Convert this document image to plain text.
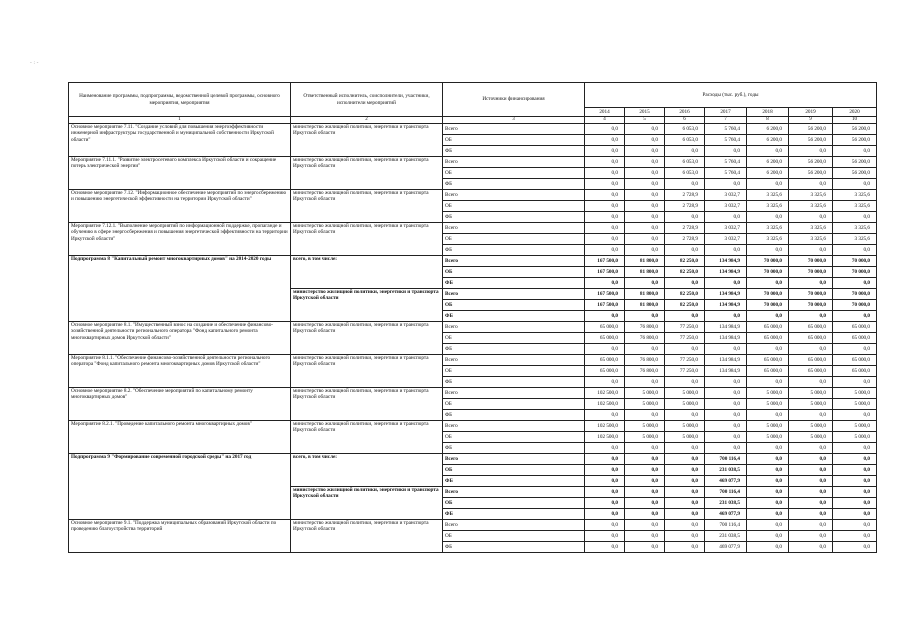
- : -
Наименование программы, подпрограммы, ведомственной целевой программы, основного мероприятия, мероприятия	Ответственный исполнитель, соисполнители, участники, исполнители мероприятий	Источники финансирования	Расходы (тыс. руб.), годы						
			2014	2015	2016	2017	2018	2019	2020
1	2	3	4	5	6	7	8	9	10
Основное мероприятие 7.11. "Создание условий для повышения энергоэффективности инженерной инфраструктуры государственной и муниципальной собственности Иркутской области"	министерство жилищной политики, энергетики и транспорта Иркутской области	Всего	0,0	0,0	6 053,0	5 760,4	6 200,0	56 200,0	56 200,0
		ОБ	0,0	0,0	6 053,0	5 760,4	6 200,0	56 200,0	56 200,0
		ФБ	0,0	0,0	0,0	0,0	0,0	0,0	0,0
Мероприятие 7.11.1. "Развитие электросетевого комплекса Иркутской области и сокращение потерь электрической энергии"	министерство жилищной политики, энергетики и транспорта Иркутской области	Всего	0,0	0,0	6 053,0	5 760,4	6 200,0	56 200,0	56 200,0
		ОБ	0,0	0,0	6 053,0	5 760,4	6 200,0	56 200,0	56 200,0
		ФБ	0,0	0,0	0,0	0,0	0,0	0,0	0,0
Основное мероприятие 7.12. "Информационное обеспечение мероприятий по энергосбережению и повышению энергетической эффективности на территории Иркутской области"	министерство жилищной политики, энергетики и транспорта Иркутской области	Всего	0,0	0,0	2 728,9	3 032,7	3 325,6	3 325,6	3 325,6
		ОБ	0,0	0,0	2 728,9	3 032,7	3 325,6	3 325,6	3 325,6
		ФБ	0,0	0,0	0,0	0,0	0,0	0,0	0,0
Мероприятие 7.12.1. "Выполнение мероприятий по информационной поддержке, пропаганде и обучению в сфере энергосбережения и повышения энергетической эффективности на территории Иркутской области"	министерство жилищной политики, энергетики и транспорта Иркутской области	Всего	0,0	0,0	2 728,9	3 032,7	3 325,6	3 325,6	3 325,6
		ОБ	0,0	0,0	2 728,9	3 032,7	3 325,6	3 325,6	3 325,6
		ФБ	0,0	0,0	0,0	0,0	0,0	0,0	0,0
Подпрограмма 8 "Капитальный ремонт многоквартирных домов" на 2014-2020 годы	всего, в том числе:	Всего	167 500,0	81 800,0	82 250,0	134 984,9	70 000,0	70 000,0	70 000,0
		ОБ	167 500,0	81 800,0	82 250,0	134 984,9	70 000,0	70 000,0	70 000,0
		ФБ	0,0	0,0	0,0	0,0	0,0	0,0	0,0
	министерство жилищной политики, энергетики и транспорта Иркутской области	Всего	167 500,0	81 800,0	82 250,0	134 984,9	70 000,0	70 000,0	70 000,0
		ОБ	167 500,0	81 800,0	82 250,0	134 984,9	70 000,0	70 000,0	70 000,0
		ФБ	0,0	0,0	0,0	0,0	0,0	0,0	0,0
Основное мероприятие 8.1. "Имущественный взнос на создание и обеспечение финансово-хозяйственной деятельности регионального оператора "Фонд капитального ремонта многоквартирных домов Иркутской области"	министерство жилищной политики, энергетики и транспорта Иркутской области	Всего	65 000,0	76 800,0	77 250,0	134 984,9	65 000,0	65 000,0	65 000,0
		ОБ	65 000,0	76 800,0	77 250,0	134 984,9	65 000,0	65 000,0	65 000,0
		ФБ	0,0	0,0	0,0	0,0	0,0	0,0	0,0
Мероприятие 8.1.1. "Обеспечение финансово-хозяйственной деятельности регионального оператора "Фонд капитального ремонта многоквартирных домов Иркутской области"	министерство жилищной политики, энергетики и транспорта Иркутской области	Всего	65 000,0	76 800,0	77 250,0	134 984,9	65 000,0	65 000,0	65 000,0
		ОБ	65 000,0	76 800,0	77 250,0	134 984,9	65 000,0	65 000,0	65 000,0
		ФБ	0,0	0,0	0,0	0,0	0,0	0,0	0,0
Основное мероприятие 8.2. "Обеспечение мероприятий по капитальному ремонту многоквартирных домов"	министерство жилищной политики, энергетики и транспорта Иркутской области	Всего	102 500,0	5 000,0	5 000,0	0,0	5 000,0	5 000,0	5 000,0
		ОБ	102 500,0	5 000,0	5 000,0	0,0	5 000,0	5 000,0	5 000,0
		ФБ	0,0	0,0	0,0	0,0	0,0	0,0	0,0
Мероприятие 8.2.1. "Проведение капитального ремонта многоквартирных домов"	министерство жилищной политики, энергетики и транспорта Иркутской области	Всего	102 500,0	5 000,0	5 000,0	0,0	5 000,0	5 000,0	5 000,0
		ОБ	102 500,0	5 000,0	5 000,0	0,0	5 000,0	5 000,0	5 000,0
		ФБ	0,0	0,0	0,0	0,0	0,0	0,0	0,0
Подпрограмма 9 "Формирование современной городской среды" на 2017 год	всего, в том числе:	Всего	0,0	0,0	0,0	700 116,4	0,0	0,0	0,0
		ОБ	0,0	0,0	0,0	231 038,5	0,0	0,0	0,0
		ФБ	0,0	0,0	0,0	469 077,9	0,0	0,0	0,0
	министерство жилищной политики, энергетики и транспорта Иркутской области	Всего	0,0	0,0	0,0	700 116,4	0,0	0,0	0,0
		ОБ	0,0	0,0	0,0	231 038,5	0,0	0,0	0,0
		ФБ	0,0	0,0	0,0	469 077,9	0,0	0,0	0,0
Основное мероприятие 9.1. "Поддержка муниципальных образований Иркутской области по проведению благоустройства территорий	министерство жилищной политики, энергетики и транспорта Иркутской области	Всего	0,0	0,0	0,0	700 116,4	0,0	0,0	0,0
		ОБ	0,0	0,0	0,0	231 038,5	0,0	0,0	0,0
		ФБ	0,0	0,0	0,0	469 077,9	0,0	0,0	0,0
